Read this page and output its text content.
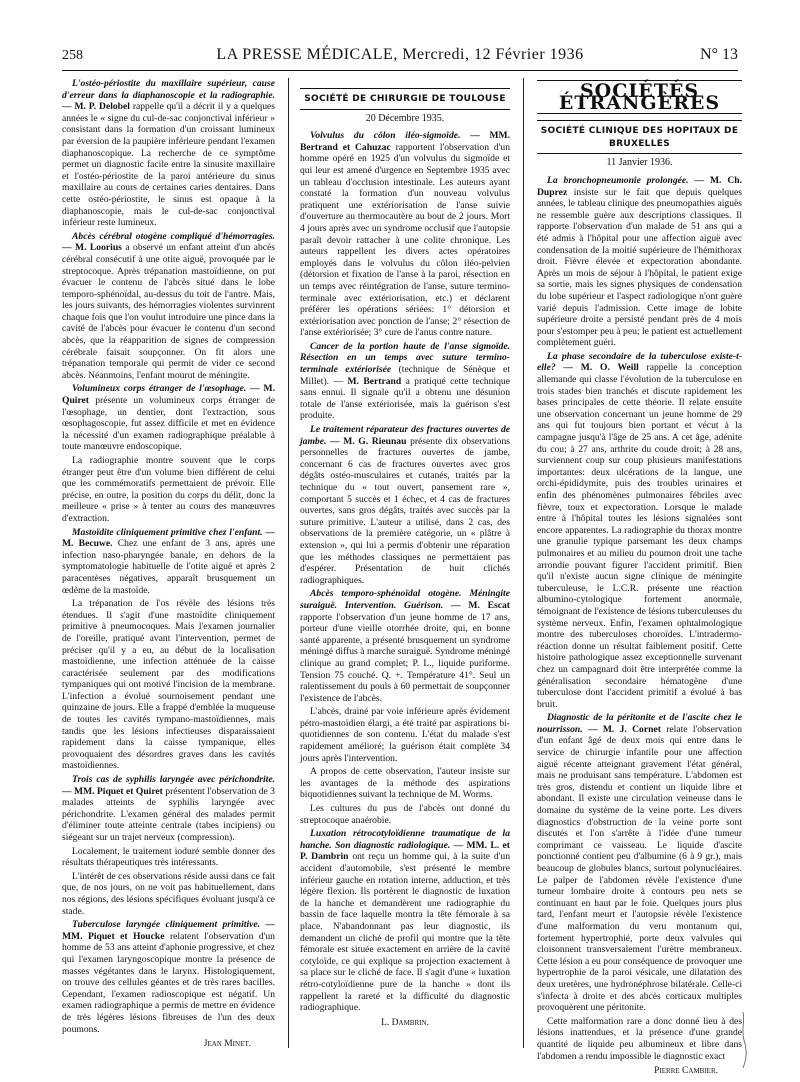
258	LA PRESSE MÉDICALE, Mercredi, 12 Février 1936	N° 13

L'ostéo-périostite du maxillaire supérieur, cause d'erreur dans la diaphanoscopie et la radiographie. — M. P. Delobel rappelle qu'il a décrit il y a quelques années le « signe du cul-de-sac conjonctival inférieur » consistant dans la formation d'un croissant lumineux par éversion de la paupière inférieure pendant l'examen diaphanoscopique. La recherche de ce symptôme permet un diagnostic facile entre la sinusite maxillaire et l'ostéo-périostite de la paroi antérieure du sinus maxillaire au cours de certaines caries dentaires. Dans cette ostéo-périostite, le sinus est opaque à la diaphanoscopie, mais le cul-de-sac conjonctival inférieur reste lumineux.

Abcès cérébral otogène compliqué d'hémorragies. — M. Loorius a observé un enfant atteint d'un abcès cérébral consécutif à une otite aiguë, provoquée par le streptocoque. Après trépanation mastoïdienne, on put évacuer le contenu de l'abcès situé dans le lobe temporo-sphénoïdal, au-dessus du toit de l'antre. Mais, les jours suivants, des hémorragies violentes survinrent chaque fois que l'on voulut introduire une pince dans la cavité de l'abcès pour évacuer le contenu d'un second abcès, que la réapparition de signes de compression cérébrale faisait soupçonner. On fit alors une trépanation temporale qui permit de vider ce second abcès. Néanmoins, l'enfant mourut de méningite.

Volumineux corps étranger de l'œsophage. — M. Quiret présente un volumineux corps étranger de l'œsophage, un dentier, dont l'extraction, sous œsophagoscopie, fut assez difficile et met en évidence la nécessité d'un examen radiographique préalable à toute manœuvre endoscopique.

La radiographie montre souvent que le corps étranger peut être d'un volume bien différent de celui que les commémoratifs permettaient de prévoir. Elle précise, en outre, la position du corps du délit, donc la meilleure « prise » à tenter au cours des manœuvres d'extraction.

Mastoïdite cliniquement primitive chez l'enfant. — M. Becuwe. Chez une enfant de 3 ans, après une infection naso-pharyngée banale, en dehors de la symptomatologie habituelle de l'otite aiguë et après 2 paracentèses négatives, apparaît brusquement un œdème de la mastoïde.

La trépanation de l'os révèle des lésions très étendues. Il s'agit d'une mastoïdite cliniquement primitive à pneumocoques. Mais l'examen journalier de l'oreille, pratiqué avant l'intervention, permet de préciser qu'il y a eu, au début de la localisation mastoïdienne, une infection atténuée de la caisse caractérisée seulement par des modifications tympaniques qui ont motivé l'incision de la membrane. L'infection a évolué sournoisement pendant une quinzaine de jours. Elle a frappé d'emblée la muqueuse de toutes les cavités tympano-mastoïdiennes, mais tandis que les lésions infectieuses disparaissaient rapidement dans la caisse tympanique, elles provoquaient des désordres graves dans les cavités mastoïdiennes.

Trois cas de syphilis laryngée avec périchondrite. — MM. Piquet et Quiret présentent l'observation de 3 malades atteints de syphilis laryngée avec périchondrite. L'examen général des malades permit d'éliminer toute atteinte centrale (tabes incipiens) ou siégeant sur un trajet nerveux (compression).

Localement, le traitement ioduré semble donner des résultats thérapeutiques très intéressants.

L'intérêt de ces observations réside aussi dans ce fait que, de nos jours, on ne voit pas habituellement, dans nos régions, des lésions spécifiques évoluant jusqu'à ce stade.

Tuberculose laryngée cliniquement primitive. — MM. Piquet et Houcke relatent l'observation d'un homme de 53 ans atteint d'aphonie progressive, et chez qui l'examen laryngoscopique montre la présence de masses végétantes dans le larynx. Histologiquement, on trouve des cellules géantes et de très rares bacilles. Cependant, l'examen radioscopique est négatif. Un examen radiographique a permis de mettre en évidence de très légères lésions fibreuses de l'un des deux poumons.

Jean Minet.
SOCIÉTÉ DE CHIRURGIE DE TOULOUSE
20 Décembre 1935.

Volvulus du côlon iléo-sigmoïde. — MM. Bertrand et Cahuzac rapportent l'observation d'un homme opéré en 1925 d'un volvulus du sigmoïde et qui leur est amené d'urgence en Septembre 1935 avec un tableau d'occlusion intestinale. Les auteurs ayant constaté la formation d'un nouveau volvulus pratiquent une extériorisation de l'anse suivie d'ouverture au thermocautère au bout de 2 jours. Mort 4 jours après avec un syndrome occlusif que l'autopsie paraît devoir rattacher à une colite chronique. Les auteurs rappellent les divers actes opératoires employés dans le volvulus du côlon iléo-pelvien (détorsion et fixation de l'anse à la paroi, résection en un temps avec réintégration de l'anse, suture termino-terminale avec extériorisation, etc.) et déclarent préférer les opérations sériées: 1° détorsion et extériorisation avec ponction de l'anse; 2° résection de l'anse extériorisée; 3° cure de l'anus contre nature.

Cancer de la portion haute de l'anse sigmoïde. Résection en un temps avec suture termino-terminale extériorisée (technique de Sénèque et Millet). — M. Bertrand a pratiqué cette technique sans ennui. Il signale qu'il a obtenu une désunion totale de l'anse extériorisée, mais la guérison s'est produite.

Le traitement réparateur des fractures ouvertes de jambe. — M. G. Rieunau présente dix observations personnelles de fractures ouvertes de jambe, concernant 6 cas de fractures ouvertes avec gros dégâts ostéo-musculaires et cutanés, traités par la technique du « tout ouvert, pansement rare », comportant 5 succès et 1 échec, et 4 cas de fractures ouvertes, sans gros dégâts, traités avec succès par la suture primitive. L'auteur a utilisé, dans 2 cas, des observations de la première catégorie, un « plâtre à extension », qui lui a permis d'obtenir une réparation que les méthodes classiques ne permettaient pas d'espérer. Présentation de huit clichés radiographiques.

Abcès temporo-sphénoïdal otogène. Méningite suraiguë. Intervention. Guérison. — M. Escat rapporte l'observation d'un jeune homme de 17 ans, porteur d'une vieille otorrhée droite, qui, en bonne santé apparente, a présenté brusquement un syndrome méningé diffus à marche suraiguë. Syndrome méningé clinique au grand complet; P. L., liquide puriforme. Tension 75 couché. Q. +. Température 41°. Seul un ralentissement du pouls à 60 permettait de soupçonner l'existence de l'abcès.

L'abcès, drainé par voie inférieure après évidement pétro-mastoïdien élargi, a été traité par aspirations bi-quotidiennes de son contenu. L'état du malade s'est rapidement amélioré; la guérison était complète 34 jours après l'intervention.

A propos de cette observation, l'auteur insiste sur les avantages de la méthode des aspirations biquotidiennes suivant la technique de M. Worms.

Les cultures du pus de l'abcès ont donné du streptocoque anaérobie.

Luxation rétrocotyloïdienne traumatique de la hanche. Son diagnostic radiologique. — MM. L. et P. Dambrin ont reçu un homme qui, à la suite d'un accident d'automobile, s'est présenté le membre inférieur gauche en rotation interne, adduction, et très légère flexion. Ils portèrent le diagnostic de luxation de la hanche et demandèrent une radiographie du bassin de face laquelle montra la tête fémorale à sa place. N'abandonnant pas leur diagnostic, ils demandent un cliché de profil qui montre que la tête fémorale est située exactement en arrière de la cavité cotyloïde, ce qui explique sa projection exactement à sa place sur le cliché de face. Il s'agit d'une « luxation rétro-cotyloïdienne pure de la hanche » dont ils rappellent la rareté et la difficulté du diagnostic radiographique.

L. Dambrin.
SOCIÉTÉS ÉTRANGÈRES
SOCIÉTÉ CLINIQUE DES HOPITAUX DE BRUXELLES
11 Janvier 1936.

La bronchopneumonie prolongée. — M. Ch. Duprez insiste sur le fait que depuis quelques années, le tableau clinique des pneumopathies aiguës ne ressemble guère aux descriptions classiques. Il rapporte l'observation d'un malade de 51 ans qui a été admis à l'hôpital pour une affection aiguë avec condensation de la moitié supérieure de l'hémithorax droit. Fièvre élevée et expectoration abondante. Après un mois de séjour à l'hôpital, le patient exige sa sortie, mais les signes physiques de condensation du lobe supérieur et l'aspect radiologique n'ont guère varié depuis l'admission. Cette image de lobite supérieure droite a persisté pendant près de 4 mois pour s'estomper peu à peu; le patient est actuellement complètement guéri.

La phase secondaire de la tuberculose existe-t-elle? — M. O. Weill rappelle la conception allemande qui classe l'évolution de la tuberculose en trois stades bien tranchés et discute rapidement les bases principales de cette théorie. Il relate ensuite une observation concernant un jeune homme de 29 ans qui fut toujours bien portant et vécut à la campagne jusqu'à l'âge de 25 ans. A cet âge, adénite du cou; à 27 ans, arthrite du coude droit; à 28 ans, surviennent coup sur coup plusieurs manifestations importantes: deux ulcérations de la langue, une orchi-épididymite, puis des troubles urinaires et enfin des phénomènes pulmonaires fébriles avec fièvre, toux et expectoration. Lorsque le malade entre à l'hôpital toutes les lésions signalées sont encore apparentes. La radiographie du thorax montre une granulie typique parsemant les deux champs pulmonaires et au milieu du poumon droit une tache arrondie pouvant figurer l'accident primitif. Bien qu'il n'existe aucun signe clinique de méningite tuberculeuse, le L.C.R. présente une réaction albumino-cytologique fortement anormale, témoignant de l'existence de lésions tuberculeuses du système nerveux. Enfin, l'examen ophtalmologique montre des tuberculoses choroïdes. L'intradermo-réaction donne un résultat faiblement positif. Cette histoire pathologique assez exceptionnelle survenant chez un campagnard doit être interprétée comme la généralisation secondaire hématogène d'une tuberculose dont l'accident primitif a évolué à bas bruit.

Diagnostic de la péritonite et de l'ascite chez le nourrisson. — M. J. Cornet relate l'observation d'un enfant âgé de deux mois qui entre dans le service de chirurgie infantile pour une affection aiguë récente atteignant gravement l'état général, mais ne produisant sans température. L'abdomen est très gros, distendu et contient un liquide libre et abondant. Il existe une circulation veineuse dans le domaine du système de la veine porte. Les divers diagnostics d'obstruction de la veine porte sont discutés et l'on s'arrête à l'idée d'une tumeur comprimant ce vaisseau. Le liquide d'ascite ponctionné contient peu d'albumine (6 à 9 gr.), mais beaucoup de globules blancs, surtout polynucléaires. Le palper de l'abdomen révèle l'existence d'une tumeur lombaire droite à contours peu nets se continuant en haut par le foie. Quelques jours plus tard, l'enfant meurt et l'autopsie révèle l'existence d'une malformation du veru montanum qui, fortement hypertrophié, porte deux valvules qui cloisonnent transversalement l'urètre membraneux. Cette lésion a eu pour conséquence de provoquer une hypertrophie de la paroi vésicale, une dilatation des deux uretères, une hydronéphrose bilatérale. Celle-ci s'infecta à droite et des abcès corticaux multiples provoquèrent une péritonite.

Cette malformation rare a donc donné lieu à des lésions inattendues, et la présence d'une grande quantité de liquide peu albumineux et libre dans l'abdomen a rendu impossible le diagnostic exact

Pierre Cambier.
